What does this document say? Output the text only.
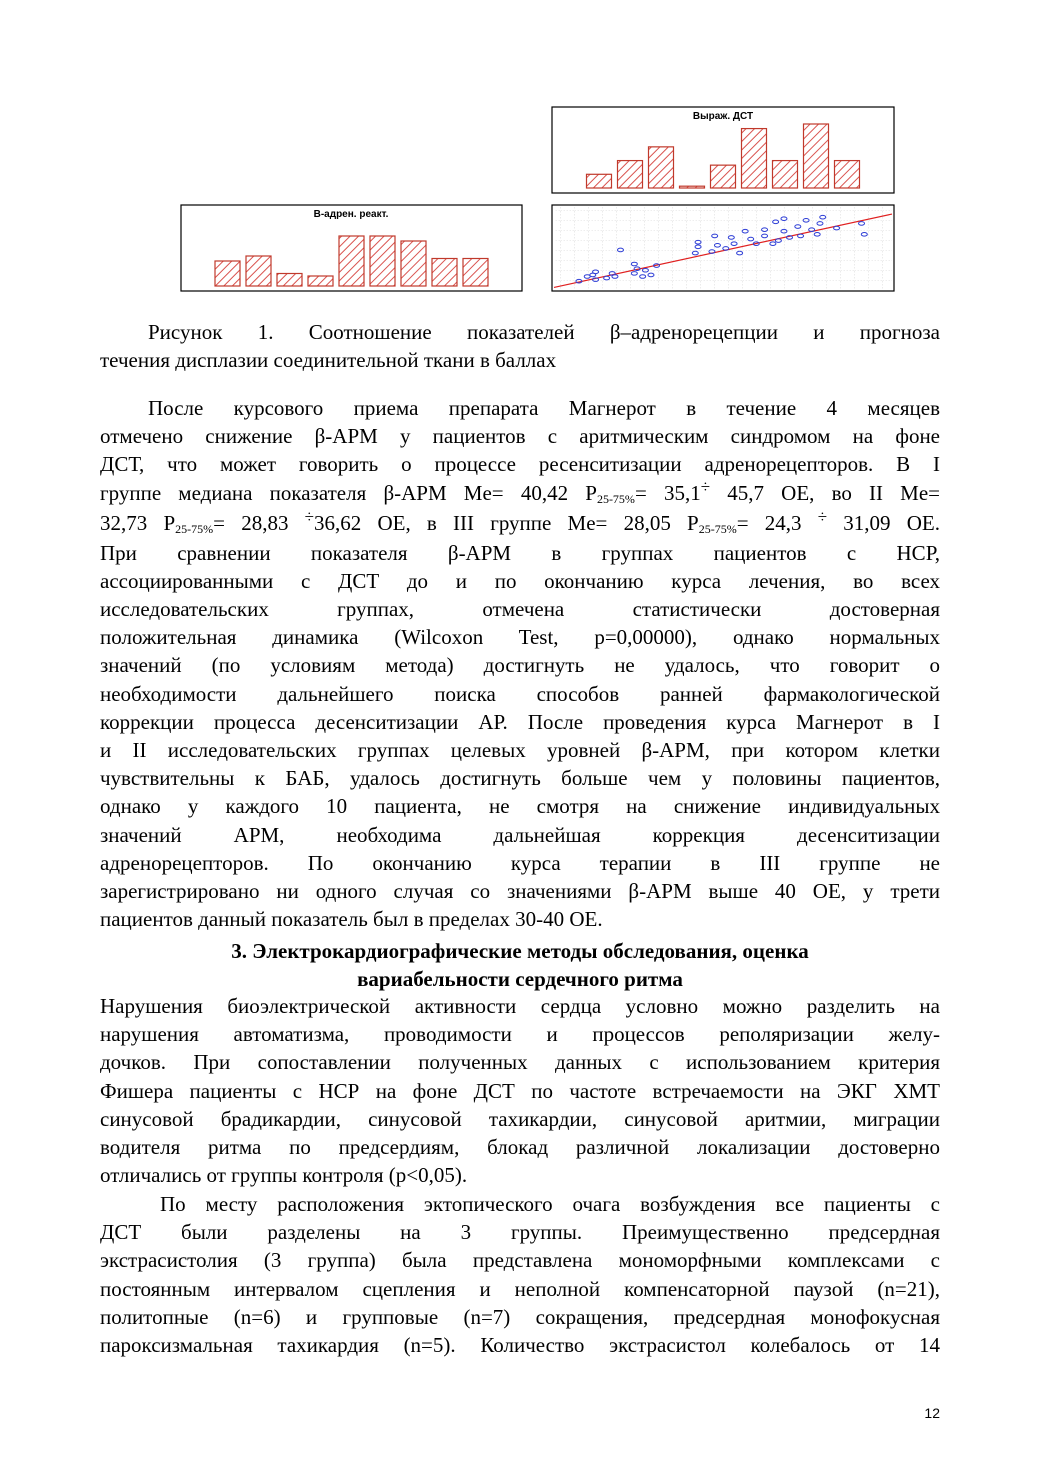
Выраж. ДСТ
В-адрен. реакт.
Рисунок 1. Соотношение показателей β–адренорецепции и прогноза
течения дисплазии соединительной ткани в баллах
После курсового приема препарата Магнерот в течение 4 месяцев
отмечено снижение β-АРМ у пациентов с аритмическим синдромом на фоне
ДСТ, что может говорить о процессе ресенситизации адренорецепторов. В I
группе медиана показателя β-АРМ Me= 40,42 $P_{25-75\%}= 35,1^\div$ 45,7 ОЕ, во II Me=
32,73 $P_{25-75\%}= 28,83$ ÷36,62 ОЕ, в III группе Me= 28,05 $P_{25-75\%}= 24,3$ ÷ 31,09 ОЕ.
При сравнении показателя β-АРМ в группах пациентов с НСР,
ассоциированными с ДСТ до и по окончанию курса лечения, во всех
исследовательских группах, отмечена статистически достоверная
положительная динамика (Wilcoxon Test, p=0,00000), однако нормальных
значений (по условиям метода) достигнуть не удалось, что говорит о
необходимости дальнейшего поиска способов ранней фармакологической
коррекции процесса десенситизации АР. После проведения курса Магнерот в I
и II исследовательских группах целевых уровней β-АРМ, при котором клетки
чувствительны к БАБ, удалось достигнуть больше чем у половины пациентов,
однако у каждого 10 пациента, не смотря на снижение индивидуальных
значений АРМ, необходима дальнейшая коррекция десенситизации
адренорецепторов. По окончанию курса терапии в III группе не
зарегистрировано ни одного случая со значениями β-АРМ выше 40 ОЕ, у трети
пациентов данный показатель был в пределах 30-40 ОЕ.
3. Электрокардиографические методы обследования, оценка
вариабельности сердечного ритма
Нарушения биоэлектрической активности сердца условно можно разделить на
нарушения автоматизма, проводимости и процессов реполяризации желу-
дочков. При сопоставлении полученных данных с использованием критерия
Фишера пациенты с НСР на фоне ДСТ по частоте встречаемости на ЭКГ ХМТ
синусовой брадикардии, синусовой тахикардии, синусовой аритмии, миграции
водителя ритма по предсердиям, блокад различной локализации достоверно
отличались от группы контроля (p<0,05).
По месту расположения эктопического очага возбуждения все пациенты с
ДСТ были разделены на 3 группы. Преимущественно предсердная
экстрасистолия (3 группа) была представлена мономорфными комплексами с
постоянным интервалом сцепления и неполной компенсаторной паузой (n=21),
политопные (n=6) и групповые (n=7) сокращения, предсердная монофокусная
пароксизмальная тахикардия (n=5). Количество экстрасистол колебалось от 14
12
